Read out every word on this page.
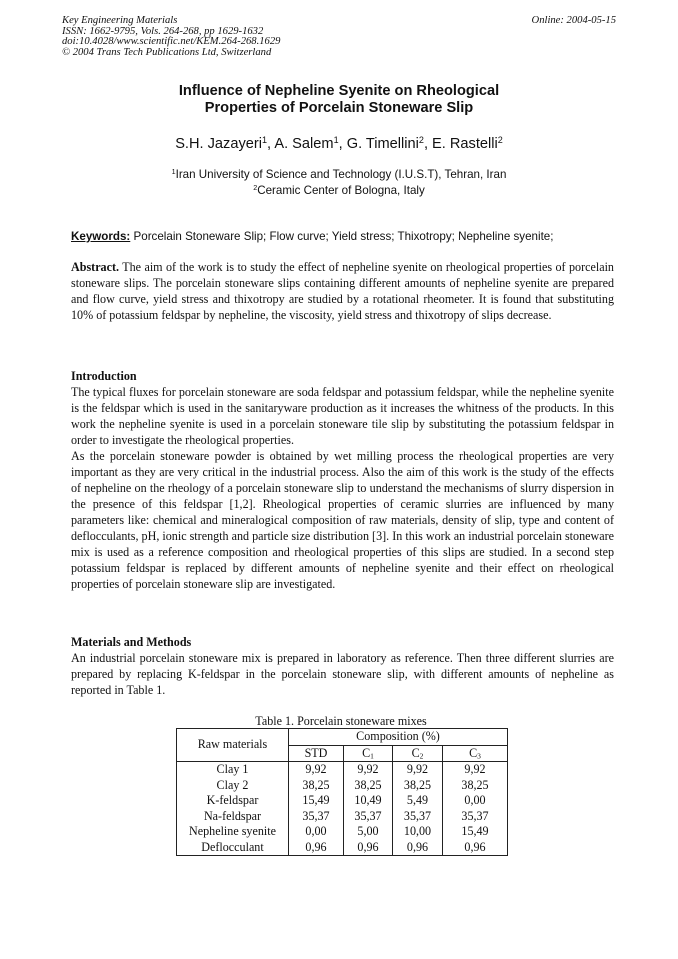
Key Engineering Materials
ISSN: 1662-9795, Vols. 264-268, pp 1629-1632
doi:10.4028/www.scientific.net/KEM.264-268.1629
© 2004 Trans Tech Publications Ltd, Switzerland
Online: 2004-05-15
Influence of Nepheline Syenite on Rheological
Properties of Porcelain Stoneware Slip
S.H. Jazayeri$^1$, A. Salem$^1$, G. Timellini$^2$, E. Rastelli$^2$
$^1$Iran University of Science and Technology (I.U.S.T), Tehran, Iran
$^2$Ceramic Center of Bologna, Italy
Keywords: Porcelain Stoneware Slip; Flow curve; Yield stress; Thixotropy; Nepheline syenite;

Abstract. The aim of the work is to study the effect of nepheline syenite on rheological properties of porcelain stoneware slips. The porcelain stoneware slips containing different amounts of nepheline syenite are prepared and flow curve, yield stress and thixotropy are studied by a rotational rheometer. It is found that substituting 10% of potassium feldspar by nepheline, the viscosity, yield stress and thixotropy of slips decrease.

Introduction

The typical fluxes for porcelain stoneware are soda feldspar and potassium feldspar, while the nepheline syenite is the feldspar which is used in the sanitaryware production as it increases the whitness of the products. In this work the nepheline syenite is used in a porcelain stoneware tile slip by substituting the potassium feldspar in order to investigate the rheological properties.

As the porcelain stoneware powder is obtained by wet milling process the rheological properties are very important as they are very critical in the industrial process. Also the aim of this work is the study of the effects of nepheline on the rheology of a porcelain stoneware slip to understand the mechanisms of slurry dispersion in the presence of this feldspar [1,2]. Rheological properties of ceramic slurries are influenced by many parameters like: chemical and mineralogical composition of raw materials, density of slip, type and content of deflocculants, pH, ionic strength and particle size distribution [3]. In this work an industrial porcelain stoneware mix is used as a reference composition and rheological properties of this slips are studied. In a second step potassium feldspar is replaced by different amounts of nepheline syenite and their effect on rheological properties of porcelain stoneware slip are investigated.

Materials and Methods

An industrial porcelain stoneware mix is prepared in laboratory as reference. Then three different slurries are prepared by replacing K-feldspar in the porcelain stoneware slip, with different amounts of nepheline as reported in Table 1.

Table 1. Porcelain stoneware mixes
Raw materials	Composition (%)			
	STD	$C_1$	$C_2$	$C_3$
Clay 1	9,92	9,92	9,92	9,92
Clay 2	38,25	38,25	38,25	38,25
K-feldspar	15,49	10,49	5,49	0,00
Na-feldspar	35,37	35,37	35,37	35,37
Nepheline syenite	0,00	5,00	10,00	15,49
Deflocculant	0,96	0,96	0,96	0,96
